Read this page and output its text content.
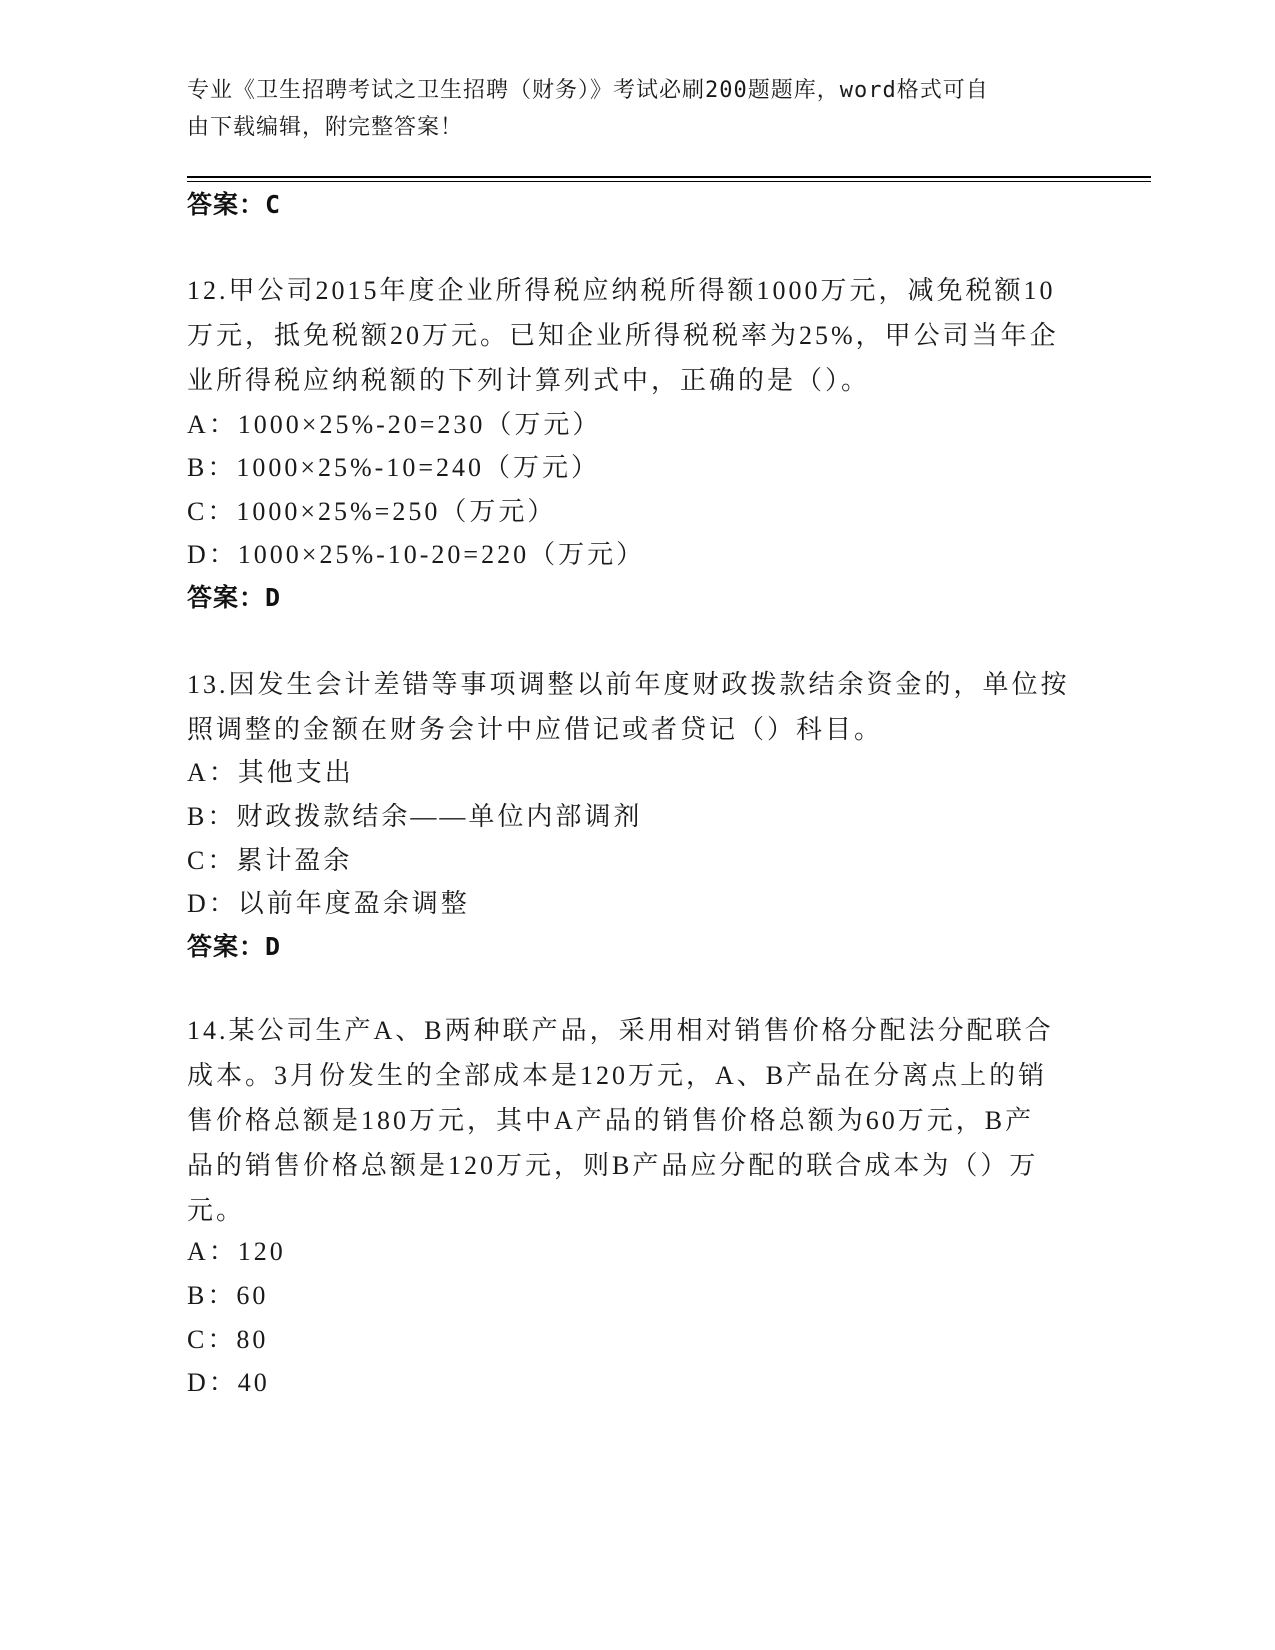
专业《卫生招聘考试之卫生招聘（财务）》考试必刷200题题库，word格式可自
由下载编辑，附完整答案！
答案：C
12.甲公司2015年度企业所得税应纳税所得额1000万元，减免税额10
万元，抵免税额20万元。已知企业所得税税率为25%，甲公司当年企
业所得税应纳税额的下列计算列式中，正确的是（）。
A：1000×25%-20=230（万元）
B：1000×25%-10=240（万元）
C：1000×25%=250（万元）
D：1000×25%-10-20=220（万元）
答案：D
13.因发生会计差错等事项调整以前年度财政拨款结余资金的，单位按
照调整的金额在财务会计中应借记或者贷记（）科目。
A：其他支出
B：财政拨款结余——单位内部调剂
C：累计盈余
D：以前年度盈余调整
答案：D
14.某公司生产A、B两种联产品，采用相对销售价格分配法分配联合
成本。3月份发生的全部成本是120万元，A、B产品在分离点上的销
售价格总额是180万元，其中A产品的销售价格总额为60万元，B产
品的销售价格总额是120万元，则B产品应分配的联合成本为（）万
元。
A：120
B：60
C：80
D：40
